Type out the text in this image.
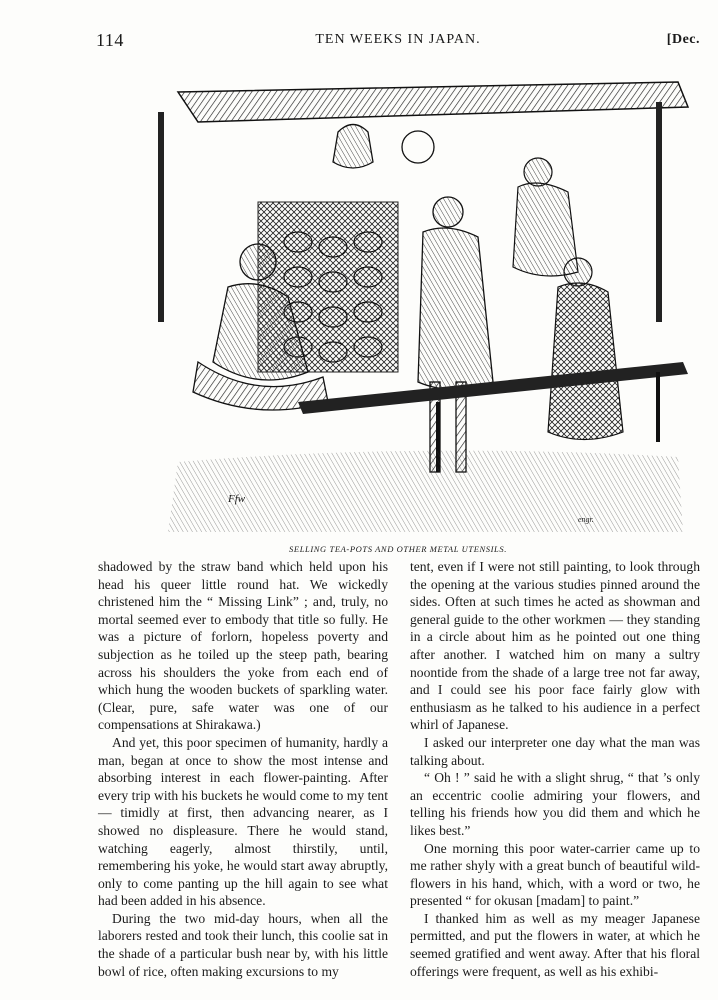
114	TEN WEEKS IN JAPAN.	[Dec.
Ffw
engr.
SELLING TEA-POTS AND OTHER METAL UTENSILS.

shadowed by the straw band which held upon his head his queer little round hat. We wickedly christened him the “ Missing Link” ; and, truly, no mortal seemed ever to embody that title so fully. He was a picture of forlorn, hopeless poverty and subjection as he toiled up the steep path, bearing across his shoulders the yoke from each end of which hung the wooden buckets of sparkling water. (Clear, pure, safe water was one of our compensations at Shirakawa.)

And yet, this poor specimen of humanity, hardly a man, began at once to show the most intense and absorbing interest in each flower-painting. After every trip with his buckets he would come to my tent — timidly at first, then advancing nearer, as I showed no displeasure. There he would stand, watching eagerly, almost thirstily, until, remembering his yoke, he would start away abruptly, only to come panting up the hill again to see what had been added in his absence.

During the two mid-day hours, when all the laborers rested and took their lunch, this coolie sat in the shade of a particular bush near by, with his little bowl of rice, often making excursions to my

tent, even if I were not still painting, to look through the opening at the various studies pinned around the sides. Often at such times he acted as showman and general guide to the other workmen — they standing in a circle about him as he pointed out one thing after another. I watched him on many a sultry noontide from the shade of a large tree not far away, and I could see his poor face fairly glow with enthusiasm as he talked to his audience in a perfect whirl of Japanese.

I asked our interpreter one day what the man was talking about.

“ Oh ! ” said he with a slight shrug, “ that ’s only an eccentric coolie admiring your flowers, and telling his friends how you did them and which he likes best.”

One morning this poor water-carrier came up to me rather shyly with a great bunch of beautiful wild-flowers in his hand, which, with a word or two, he presented “ for okusan [madam] to paint.”

I thanked him as well as my meager Japanese permitted, and put the flowers in water, at which he seemed gratified and went away. After that his floral offerings were frequent, as well as his exhibi-
